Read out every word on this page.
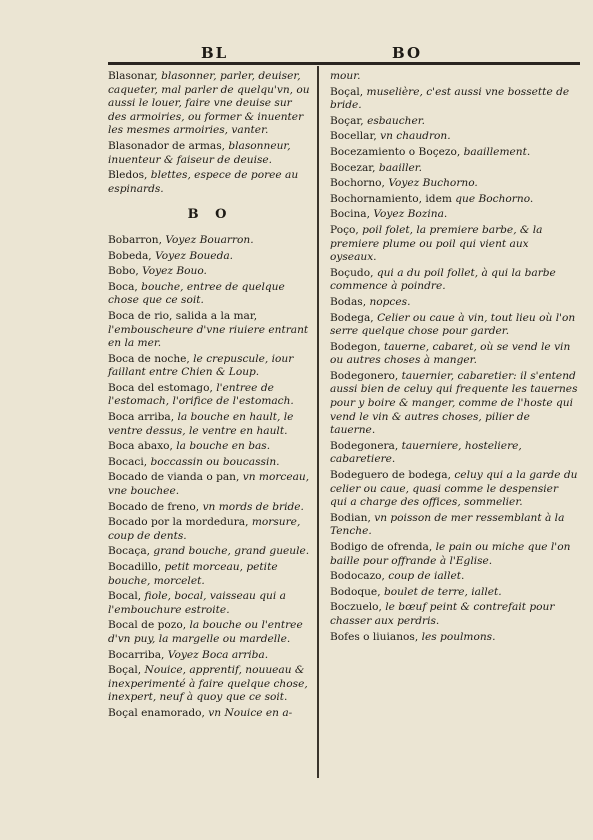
BL	BO
Blasonar, blasonner, parler, deuiser, caqueter, mal parler de quelqu'vn, ou aussi le louer, faire vne deuise sur des armoiries, ou former & inuenter les mesmes armoiries, vanter.
Blasonador de armas, blasonneur, inuenteur & faiseur de deuise.
Bledos, blettes, espece de poree au espinards.
B O
Bobarron, Voyez Bouarron.
Bobeda, Voyez Boueda.
Bobo, Voyez Bouo.
Boca, bouche, entree de quelque chose que ce soit.
Boca de rio, salida a la mar, l'embouscheure d'vne riuiere entrant en la mer.
Boca de noche, le crepuscule, iour faillant entre Chien & Loup.
Boca del estomago, l'entree de l'estomach, l'orifice de l'estomach.
Boca arriba, la bouche en hault, le ventre dessus, le ventre en hault.
Boca abaxo, la bouche en bas.
Bocaci, boccassin ou boucassin.
Bocado de vianda o pan, vn morceau, vne bouchee.
Bocado de freno, vn mords de bride.
Bocado por la mordedura, morsure, coup de dents.
Bocaça, grand bouche, grand gueule.
Bocadillo, petit morceau, petite bouche, morcelet.
Bocal, fiole, bocal, vaisseau qui a l'embouchure estroite.
Bocal de pozo, la bouche ou l'entree d'vn puy, la margelle ou mardelle.
Bocarriba, Voyez Boca arriba.
Boçal, Nouice, apprentif, nouueau & inexperimenté à faire quelque chose, inexpert, neuf à quoy que ce soit.
Boçal enamorado, vn Nouice en a-
mour.
Boçal, muselière, c'est aussi vne bossette de bride.
Boçar, esbaucher.
Bocellar, vn chaudron.
Bocezamiento o Boçezo, baaillement.
Bocezar, baailler.
Bochorno, Voyez Buchorno.
Bochornamiento, idem que Bochorno.
Bocina, Voyez Bozina.
Poço, poil folet, la premiere barbe, & la premiere plume ou poil qui vient aux oyseaux.
Boçudo, qui a du poil follet, à qui la barbe commence à poindre.
Bodas, nopces.
Bodega, Celier ou caue à vin, tout lieu où l'on serre quelque chose pour garder.
Bodegon, tauerne, cabaret, où se vend le vin ou autres choses à manger.
Bodegonero, tauernier, cabaretier: il s'entend aussi bien de celuy qui frequente les tauernes pour y boire & manger, comme de l'hoste qui vend le vin & autres choses, pilier de tauerne.
Bodegonera, tauerniere, hosteliere, cabaretiere.
Bodeguero de bodega, celuy qui a la garde du celier ou caue, quasi comme le despensier qui a charge des offices, sommelier.
Bodian, vn poisson de mer ressemblant à la Tenche.
Bodigo de ofrenda, le pain ou miche que l'on baille pour offrande à l'Eglise.
Bodocazo, coup de iallet.
Bodoque, boulet de terre, iallet.
Boczuelo, le bœuf peint & contrefait pour chasser aux perdris.
Bofes o liuianos, les poulmons.
